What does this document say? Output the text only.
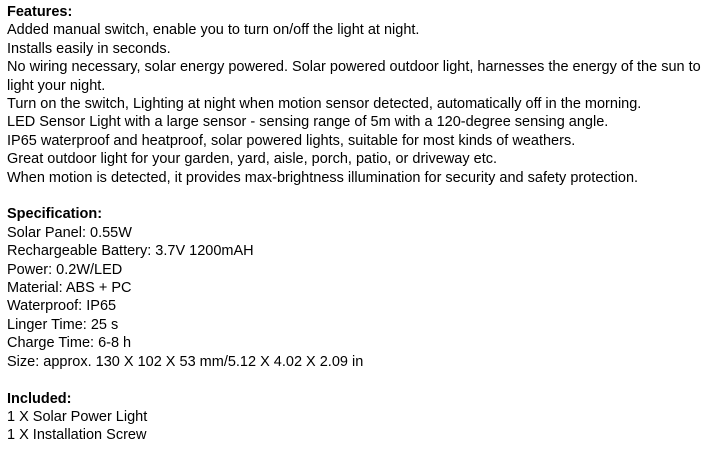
Features:
Added manual switch, enable you to turn on/off the light at night.
Installs easily in seconds.
No wiring necessary, solar energy powered. Solar powered outdoor light, harnesses the energy of the sun to light your night.
Turn on the switch, Lighting at night when motion sensor detected, automatically off in the morning.
LED Sensor Light with a large sensor - sensing range of 5m with a 120-degree sensing angle.
IP65 waterproof and heatproof, solar powered lights, suitable for most kinds of weathers.
Great outdoor light for your garden, yard, aisle, porch, patio, or driveway etc.
When motion is detected, it provides max-brightness illumination for security and safety protection.
Specification:
Solar Panel: 0.55W
Rechargeable Battery: 3.7V 1200mAH
Power: 0.2W/LED
Material: ABS + PC
Waterproof: IP65
Linger Time: 25 s
Charge Time: 6-8 h
Size: approx. 130 X 102 X 53 mm/5.12 X 4.02 X 2.09 in
Included:
1 X Solar Power Light
1 X Installation Screw
